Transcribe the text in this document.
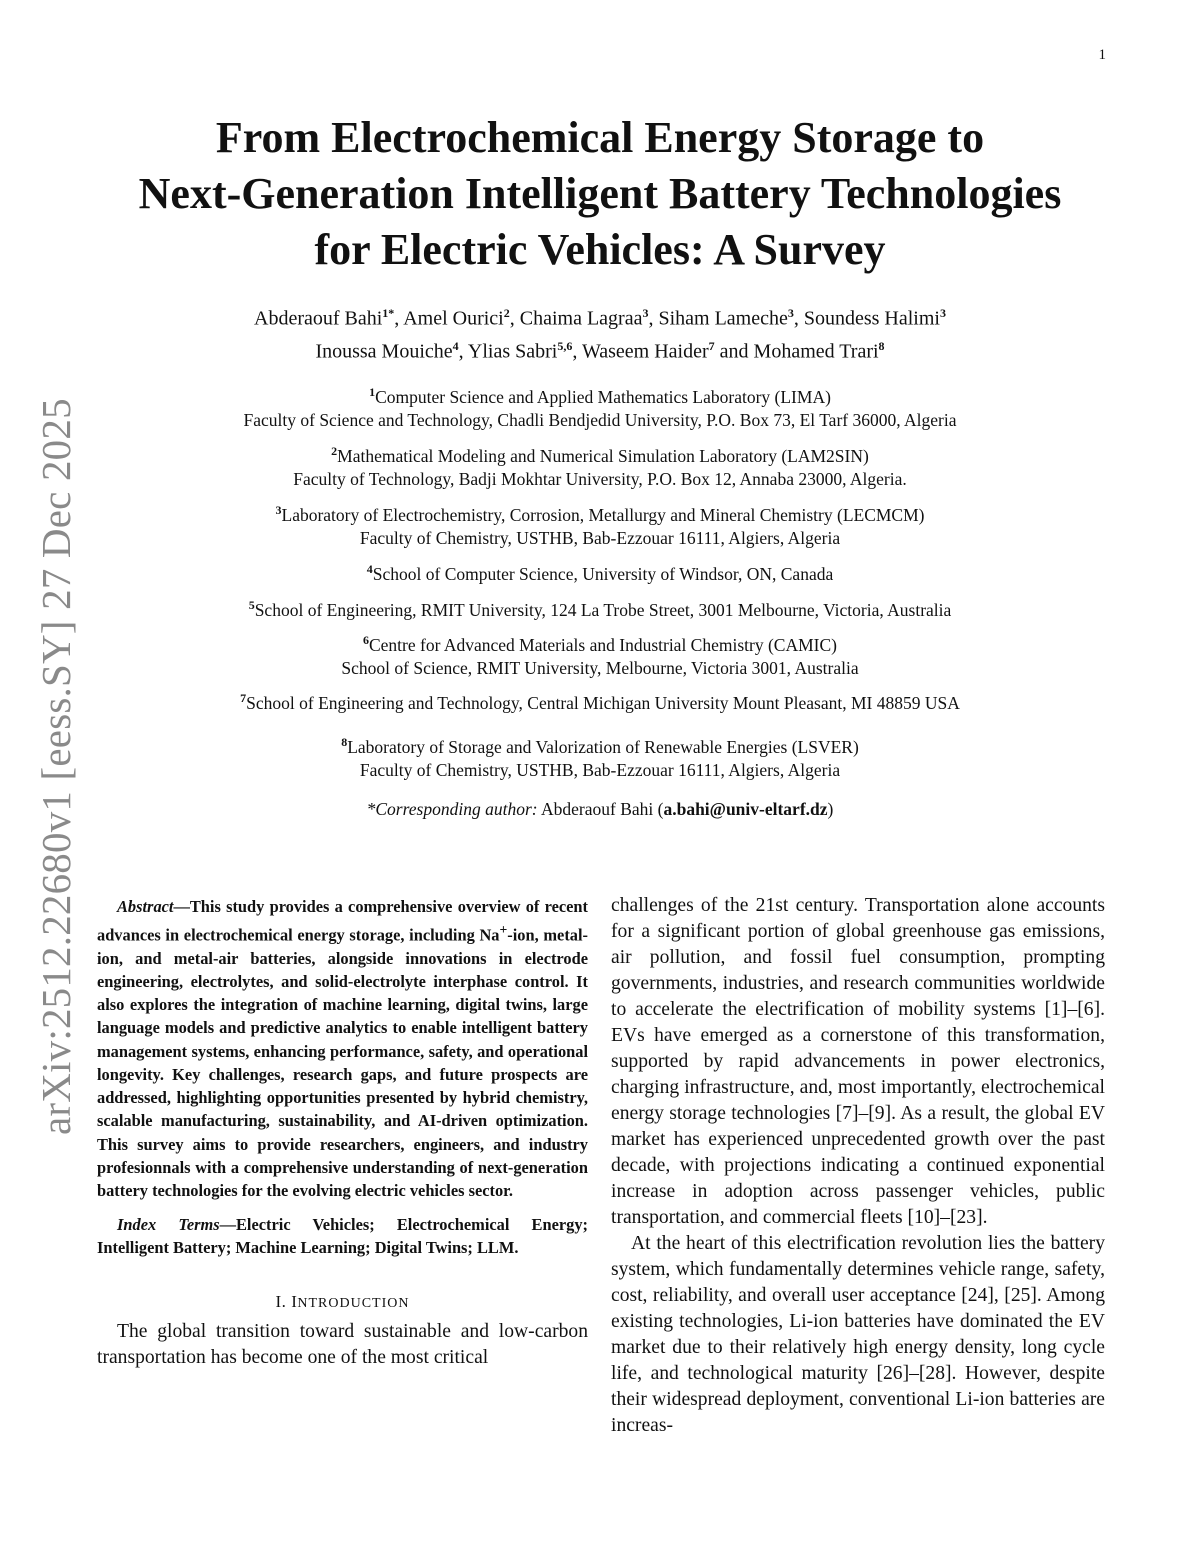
1
arXiv:2512.22680v1 [eess.SY] 27 Dec 2025
From Electrochemical Energy Storage to
Next-Generation Intelligent Battery Technologies
for Electric Vehicles: A Survey
Abderaouf Bahi$^{1*}$, Amel Ourici$^2$, Chaima Lagraa$^3$, Siham Lameche$^3$, Soundess Halimi$^3$
Inoussa Mouiche$^4$, Ylias Sabri$^{5,6}$, Waseem Haider$^7$ and Mohamed Trari$^8$
$^1$Computer Science and Applied Mathematics Laboratory (LIMA)
Faculty of Science and Technology, Chadli Bendjedid University, P.O. Box 73, El Tarf 36000, Algeria
$^2$Mathematical Modeling and Numerical Simulation Laboratory (LAM2SIN)
Faculty of Technology, Badji Mokhtar University, P.O. Box 12, Annaba 23000, Algeria.
$^3$Laboratory of Electrochemistry, Corrosion, Metallurgy and Mineral Chemistry (LECMCM)
Faculty of Chemistry, USTHB, Bab-Ezzouar 16111, Algiers, Algeria
$^4$School of Computer Science, University of Windsor, ON, Canada
$^5$School of Engineering, RMIT University, 124 La Trobe Street, 3001 Melbourne, Victoria, Australia
$^6$Centre for Advanced Materials and Industrial Chemistry (CAMIC)
School of Science, RMIT University, Melbourne, Victoria 3001, Australia
$^7$School of Engineering and Technology, Central Michigan University Mount Pleasant, MI 48859 USA
$^8$Laboratory of Storage and Valorization of Renewable Energies (LSVER)
Faculty of Chemistry, USTHB, Bab-Ezzouar 16111, Algiers, Algeria
*Corresponding author: Abderaouf Bahi (a.bahi@univ-eltarf.dz)

Abstract—This study provides a comprehensive overview of recent advances in electrochemical energy storage, including Na+-ion, metal-ion, and metal-air batteries, alongside innovations in electrode engineering, electrolytes, and solid-electrolyte interphase control. It also explores the integration of machine learning, digital twins, large language models and predictive analytics to enable intelligent battery management systems, enhancing performance, safety, and operational longevity. Key challenges, research gaps, and future prospects are addressed, highlighting opportunities presented by hybrid chemistry, scalable manufacturing, sustainability, and AI-driven optimization. This survey aims to provide researchers, engineers, and industry profesionnals with a comprehensive understanding of next-generation battery technologies for the evolving electric vehicles sector.

Index Terms—Electric Vehicles; Electrochemical Energy; Intelligent Battery; Machine Learning; Digital Twins; LLM.

I. INTRODUCTION

The global transition toward sustainable and low-carbon transportation has become one of the most critical

challenges of the 21st century. Transportation alone accounts for a significant portion of global greenhouse gas emissions, air pollution, and fossil fuel consumption, prompting governments, industries, and research communities worldwide to accelerate the electrification of mobility systems [1]–[6]. EVs have emerged as a cornerstone of this transformation, supported by rapid advancements in power electronics, charging infrastructure, and, most importantly, electrochemical energy storage technologies [7]–[9]. As a result, the global EV market has experienced unprecedented growth over the past decade, with projections indicating a continued exponential increase in adoption across passenger vehicles, public transportation, and commercial fleets [10]–[23].

At the heart of this electrification revolution lies the battery system, which fundamentally determines vehicle range, safety, cost, reliability, and overall user acceptance [24], [25]. Among existing technologies, Li-ion batteries have dominated the EV market due to their relatively high energy density, long cycle life, and technological maturity [26]–[28]. However, despite their widespread deployment, conventional Li-ion batteries are increas-
